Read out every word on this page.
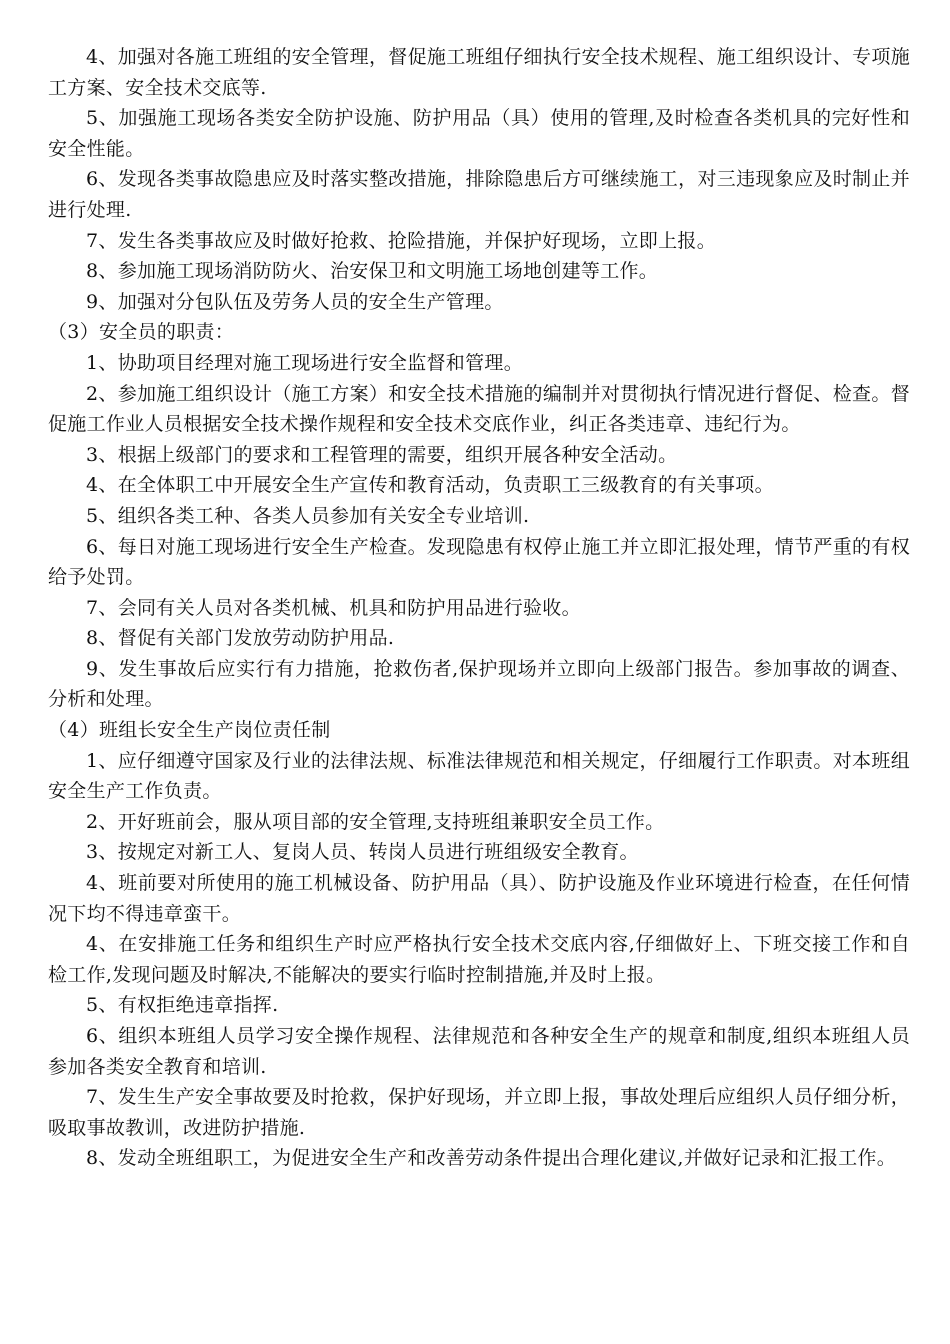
4、加强对各施工班组的安全管理，督促施工班组仔细执行安全技术规程、施工组织设计、专项施工方案、安全技术交底等.

5、加强施工现场各类安全防护设施、防护用品（具）使用的管理,及时检查各类机具的完好性和安全性能。

6、发现各类事故隐患应及时落实整改措施，排除隐患后方可继续施工，对三违现象应及时制止并进行处理.

7、发生各类事故应及时做好抢救、抢险措施，并保护好现场，立即上报。

8、参加施工现场消防防火、治安保卫和文明施工场地创建等工作。

9、加强对分包队伍及劳务人员的安全生产管理。

（3）安全员的职责：

1、协助项目经理对施工现场进行安全监督和管理。

2、参加施工组织设计（施工方案）和安全技术措施的编制并对贯彻执行情况进行督促、检查。督促施工作业人员根据安全技术操作规程和安全技术交底作业，纠正各类违章、违纪行为。

3、根据上级部门的要求和工程管理的需要，组织开展各种安全活动。

4、在全体职工中开展安全生产宣传和教育活动，负责职工三级教育的有关事项。

5、组织各类工种、各类人员参加有关安全专业培训.

6、每日对施工现场进行安全生产检查。发现隐患有权停止施工并立即汇报处理，情节严重的有权给予处罚。

7、会同有关人员对各类机械、机具和防护用品进行验收。

8、督促有关部门发放劳动防护用品.

9、发生事故后应实行有力措施，抢救伤者,保护现场并立即向上级部门报告。参加事故的调查、分析和处理。

（4）班组长安全生产岗位责任制

1、应仔细遵守国家及行业的法律法规、标准法律规范和相关规定，仔细履行工作职责。对本班组安全生产工作负责。

2、开好班前会，服从项目部的安全管理,支持班组兼职安全员工作。

3、按规定对新工人、复岗人员、转岗人员进行班组级安全教育。

4、班前要对所使用的施工机械设备、防护用品（具）、防护设施及作业环境进行检查，在任何情况下均不得违章蛮干。

4、在安排施工任务和组织生产时应严格执行安全技术交底内容,仔细做好上、下班交接工作和自检工作,发现问题及时解决,不能解决的要实行临时控制措施,并及时上报。

5、有权拒绝违章指挥.

6、组织本班组人员学习安全操作规程、法律规范和各种安全生产的规章和制度,组织本班组人员参加各类安全教育和培训.

7、发生生产安全事故要及时抢救，保护好现场，并立即上报，事故处理后应组织人员仔细分析，吸取事故教训，改进防护措施.

8、发动全班组职工，为促进安全生产和改善劳动条件提出合理化建议,并做好记录和汇报工作。
